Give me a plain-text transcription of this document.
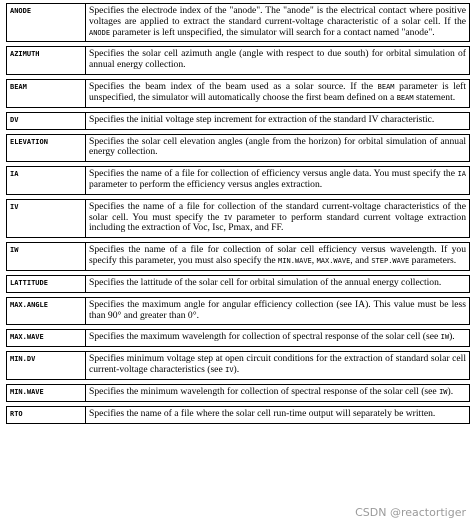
ANODE	Specifies the electrode index of the "anode". The "anode" is the electrical contact where positive voltages are applied to extract the standard current-voltage characteristic of a solar cell. If the ANODE parameter is left unspecified, the simulator will search for a contact named "anode".

AZIMUTH	Specifies the solar cell azimuth angle (angle with respect to due south) for orbital simulation of annual energy collection.

BEAM	Specifies the beam index of the beam used as a solar source. If the BEAM parameter is left unspecified, the simulator will automatically choose the first beam defined on a BEAM statement.

DV	Specifies the initial voltage step increment for extraction of the standard IV characteristic.

ELEVATION	Specifies the solar cell elevation angles (angle from the horizon) for orbital simulation of annual energy collection.

IA	Specifies the name of a file for collection of efficiency versus angle data. You must specify the IA parameter to perform the efficiency versus angles extraction.

IV	Specifies the name of a file for collection of the standard current-voltage characteristics of the solar cell. You must specify the IV parameter to perform standard current voltage extraction including the extraction of Voc, Isc, Pmax, and FF.

IW	Specifies the name of a file for collection of solar cell efficiency versus wavelength. If you specify this parameter, you must also specify the MIN.WAVE, MAX.WAVE, and STEP.WAVE parameters.

LATTITUDE	Specifies the lattitude of the solar cell for orbital simulation of the annual energy collection.

MAX.ANGLE	Specifies the maximum angle for angular efficiency collection (see IA). This value must be less than 90° and greater than 0°.

MAX.WAVE	Specifies the maximum wavelength for collection of spectral response of the solar cell (see IW).

MIN.DV	Specifies minimum voltage step at open circuit conditions for the extraction of standard solar cell current-voltage characteristics (see IV).

MIN.WAVE	Specifies the minimum wavelength for collection of spectral response of the solar cell (see IW).

RTO	Specifies the name of a file where the solar cell run-time output will separately be written.
CSDN @reactortiger
